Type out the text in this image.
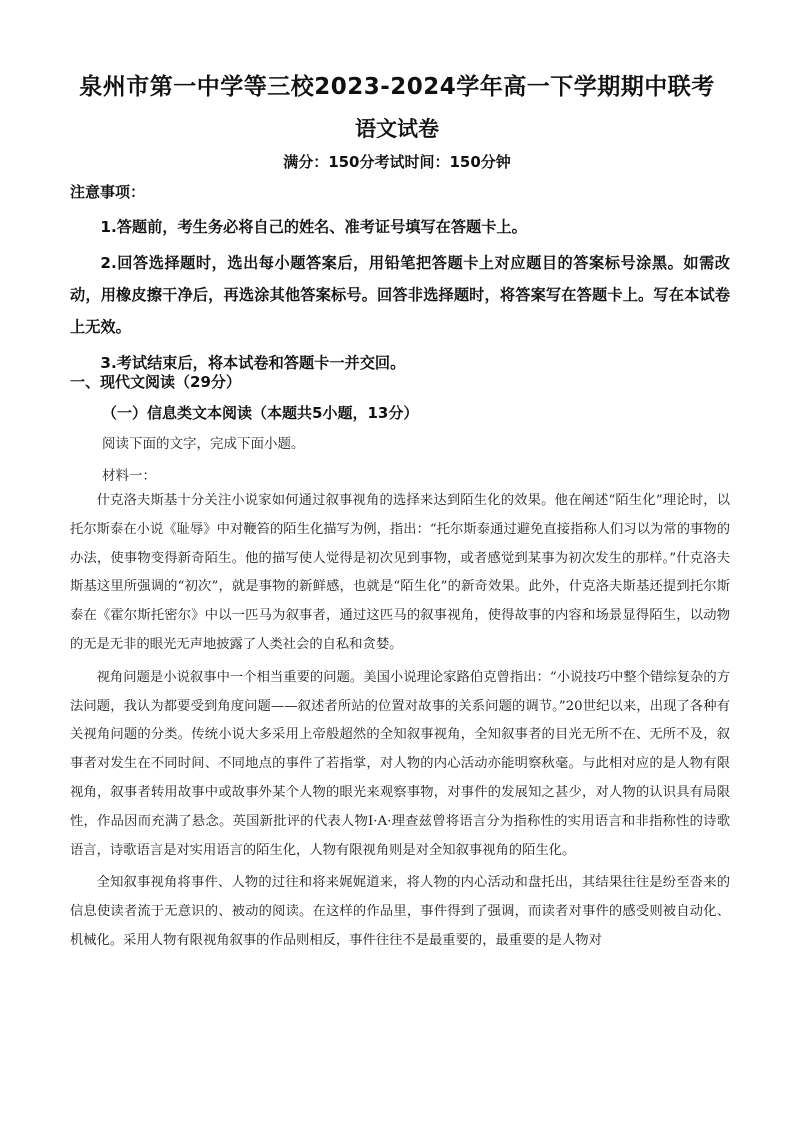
泉州市第一中学等三校2023-2024学年高一下学期期中联考
语文试卷
满分：150分考试时间：150分钟
注意事项：

1.答题前，考生务必将自己的姓名、准考证号填写在答题卡上。

2.回答选择题时，选出每小题答案后，用铅笔把答题卡上对应题目的答案标号涂黑。如需改动，用橡皮擦干净后，再选涂其他答案标号。回答非选择题时，将答案写在答题卡上。写在本试卷上无效。

3.考试结束后，将本试卷和答题卡一并交回。

一、现代文阅读（29分）
（一）信息类文本阅读（本题共5小题，13分）
阅读下面的文字，完成下面小题。
材料一：

什克洛夫斯基十分关注小说家如何通过叙事视角的选择来达到陌生化的效果。他在阐述“陌生化”理论时，以托尔斯泰在小说《耻辱》中对鞭笞的陌生化描写为例，指出：“托尔斯泰通过避免直接指称人们习以为常的事物的办法，使事物变得新奇陌生。他的描写使人觉得是初次见到事物，或者感觉到某事为初次发生的那样。”什克洛夫斯基这里所强调的“初次”，就是事物的新鲜感，也就是“陌生化”的新奇效果。此外，什克洛夫斯基还提到托尔斯泰在《霍尔斯托密尔》中以一匹马为叙事者，通过这匹马的叙事视角，使得故事的内容和场景显得陌生，以动物的无是无非的眼光无声地披露了人类社会的自私和贪婪。

视角问题是小说叙事中一个相当重要的问题。美国小说理论家路伯克曾指出：“小说技巧中整个错综复杂的方法问题，我认为都要受到角度问题——叙述者所站的位置对故事的关系问题的调节。”20世纪以来，出现了各种有关视角问题的分类。传统小说大多采用上帝般超然的全知叙事视角，全知叙事者的目光无所不在、无所不及，叙事者对发生在不同时间、不同地点的事件了若指掌，对人物的内心活动亦能明察秋毫。与此相对应的是人物有限视角，叙事者转用故事中或故事外某个人物的眼光来观察事物，对事件的发展知之甚少，对人物的认识具有局限性，作品因而充满了悬念。英国新批评的代表人物I·A·理查兹曾将语言分为指称性的实用语言和非指称性的诗歌语言，诗歌语言是对实用语言的陌生化，人物有限视角则是对全知叙事视角的陌生化。

全知叙事视角将事件、人物的过往和将来娓娓道来，将人物的内心活动和盘托出，其结果往往是纷至沓来的信息使读者流于无意识的、被动的阅读。在这样的作品里，事件得到了强调，而读者对事件的感受则被自动化、机械化。采用人物有限视角叙事的作品则相反，事件往往不是最重要的，最重要的是人物对
